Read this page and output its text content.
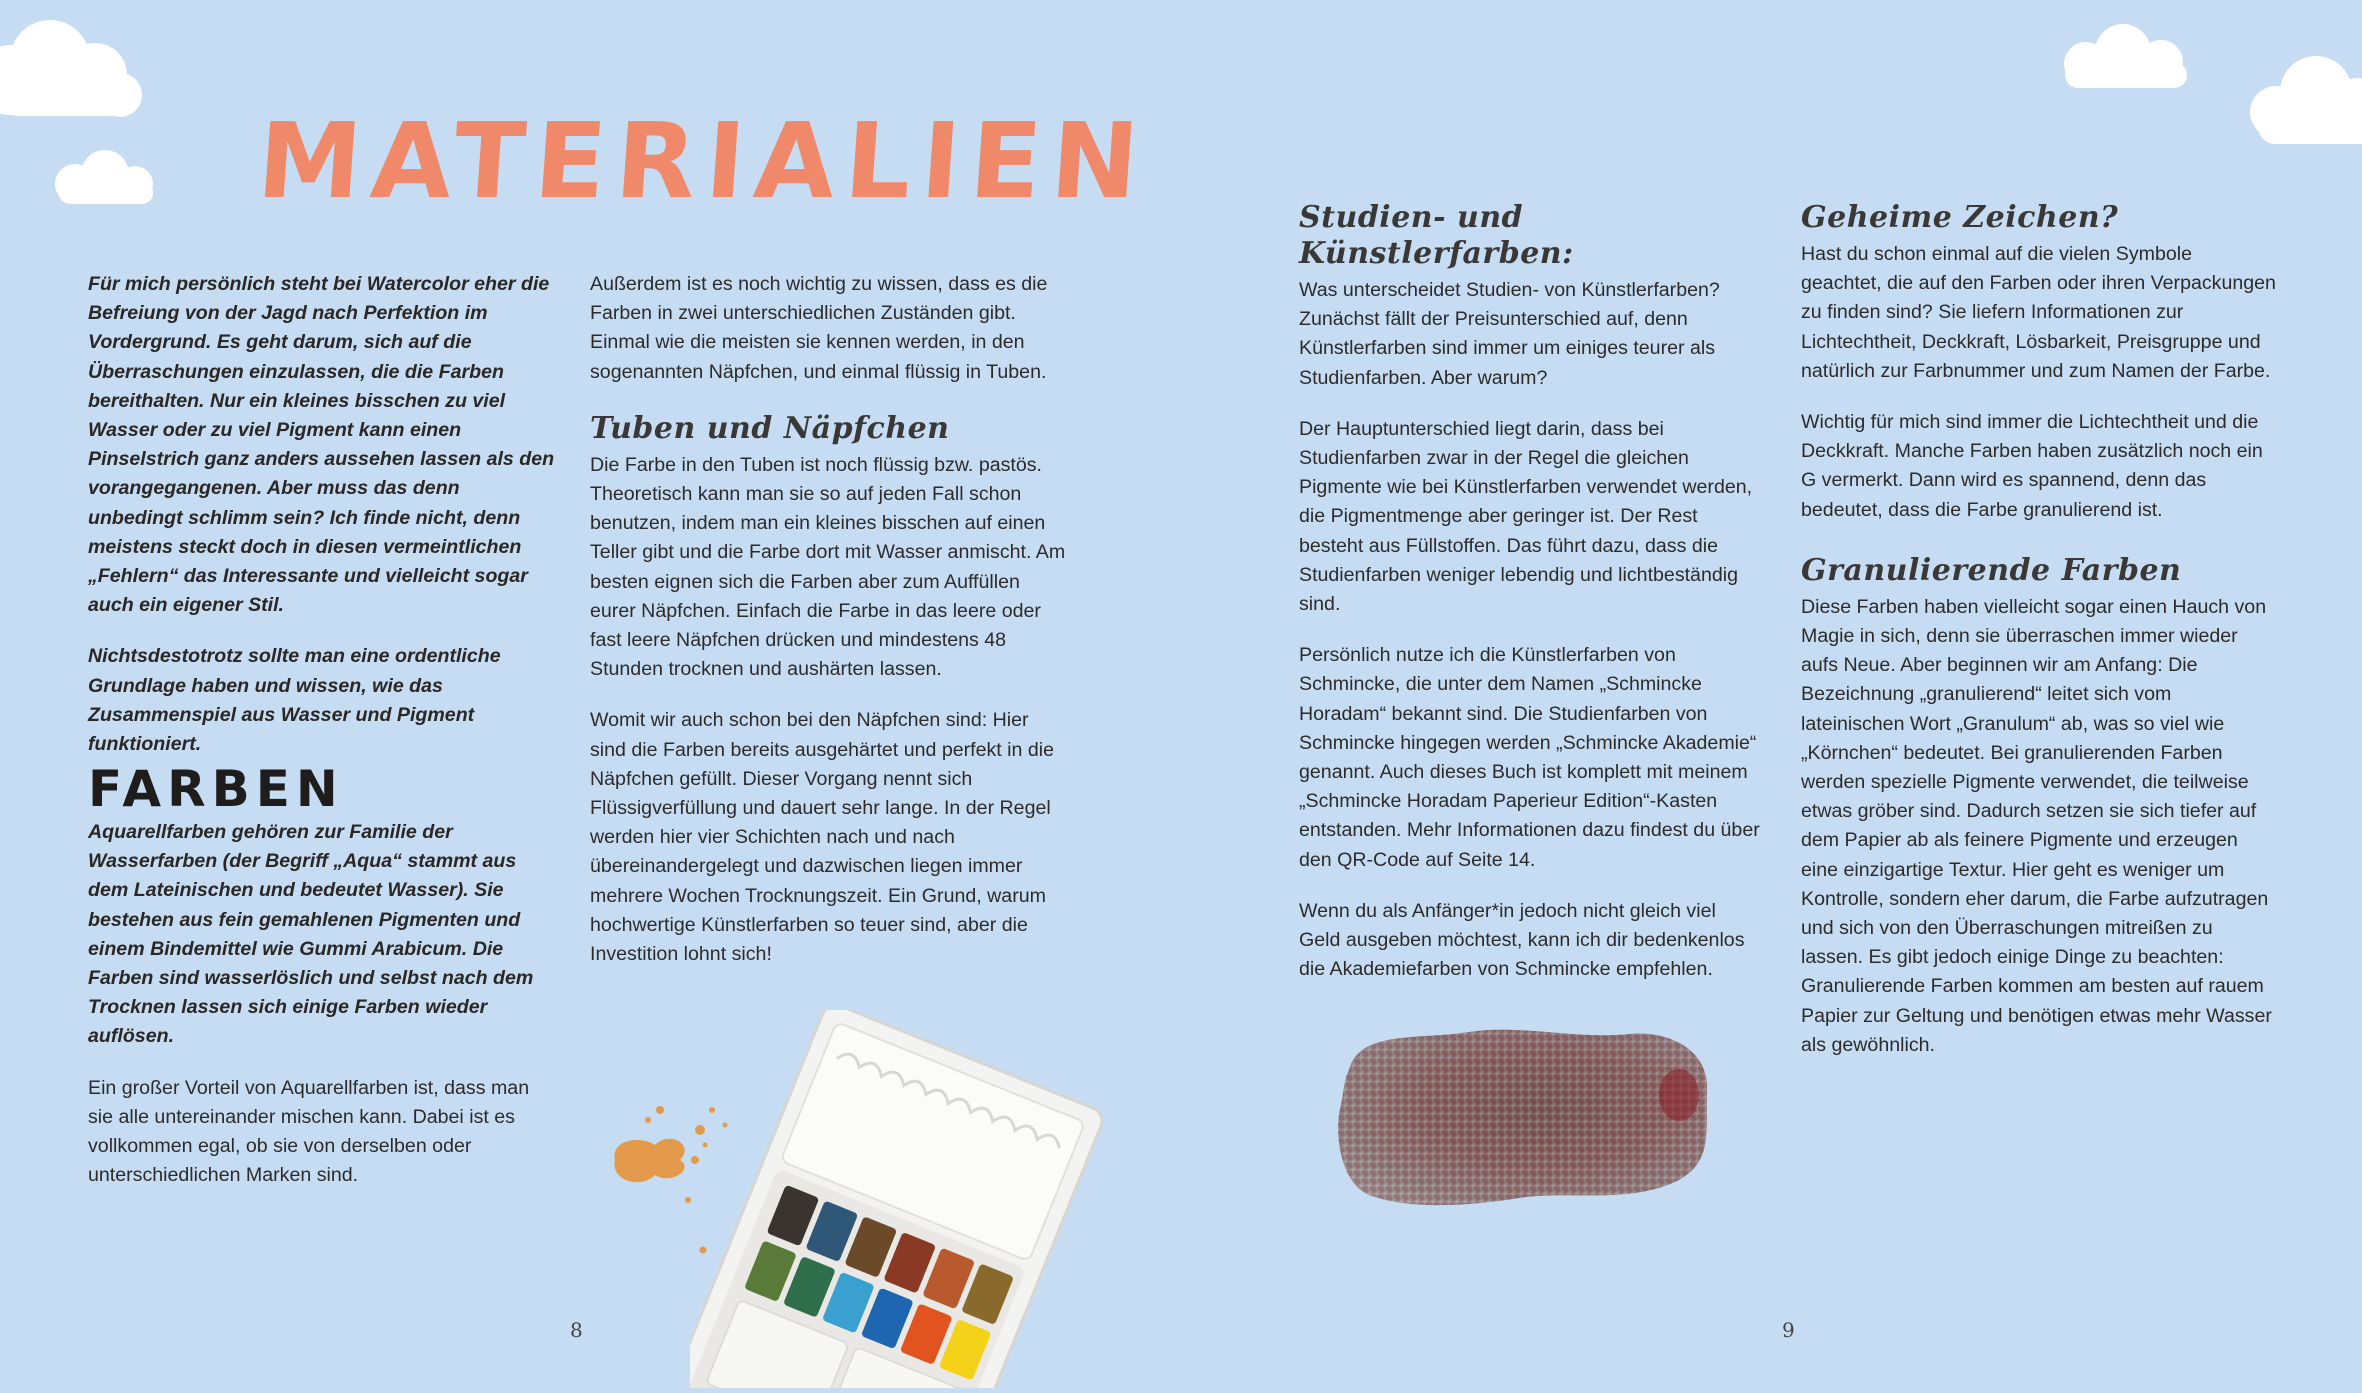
MATERIALIEN

Für mich persönlich steht bei Watercolor eher die Befreiung von der Jagd nach Perfektion im Vordergrund. Es geht darum, sich auf die Überraschungen einzulassen, die die Farben bereithalten. Nur ein kleines bisschen zu viel Wasser oder zu viel Pigment kann einen Pinselstrich ganz anders aussehen lassen als den vorangegangenen. Aber muss das denn unbedingt schlimm sein? Ich finde nicht, denn meistens steckt doch in diesen vermeintlichen „Fehlern“ das Interessante und vielleicht sogar auch ein eigener Stil.

Nichtsdestotrotz sollte man eine ordentliche Grundlage haben und wissen, wie das Zusammenspiel aus Wasser und Pigment funktioniert.

FARBEN

Aquarellfarben gehören zur Familie der Wasserfarben (der Begriff „Aqua“ stammt aus dem Lateinischen und bedeutet Wasser). Sie bestehen aus fein gemahlenen Pigmenten und einem Bindemittel wie Gummi Arabicum. Die Farben sind wasserlöslich und selbst nach dem Trocknen lassen sich einige Farben wieder auflösen.

Ein großer Vorteil von Aquarellfarben ist, dass man sie alle untereinander mischen kann. Dabei ist es vollkommen egal, ob sie von derselben oder unterschiedlichen Marken sind.

Außerdem ist es noch wichtig zu wissen, dass es die Farben in zwei unterschiedlichen Zuständen gibt. Einmal wie die meisten sie kennen werden, in den sogenannten Näpfchen, und einmal flüssig in Tuben.

Tuben und Näpfchen

Die Farbe in den Tuben ist noch flüssig bzw. pastös. Theoretisch kann man sie so auf jeden Fall schon benutzen, indem man ein kleines bisschen auf einen Teller gibt und die Farbe dort mit Wasser anmischt. Am besten eignen sich die Farben aber zum Auffüllen eurer Näpfchen. Einfach die Farbe in das leere oder fast leere Näpfchen drücken und mindestens 48 Stunden trocknen und aushärten lassen.

Womit wir auch schon bei den Näpfchen sind: Hier sind die Farben bereits ausgehärtet und perfekt in die Näpfchen gefüllt. Dieser Vorgang nennt sich Flüssigverfüllung und dauert sehr lange. In der Regel werden hier vier Schichten nach und nach übereinandergelegt und dazwischen liegen immer mehrere Wochen Trocknungszeit. Ein Grund, warum hochwertige Künstlerfarben so teuer sind, aber die Investition lohnt sich!

8
Studien- und Künstlerfarben:

Was unterscheidet Studien- von Künstlerfarben? Zunächst fällt der Preisunterschied auf, denn Künstlerfarben sind immer um einiges teurer als Studienfarben. Aber warum?

Der Hauptunterschied liegt darin, dass bei Studienfarben zwar in der Regel die gleichen Pigmente wie bei Künstlerfarben verwendet werden, die Pigmentmenge aber geringer ist. Der Rest besteht aus Füllstoffen. Das führt dazu, dass die Studienfarben weniger lebendig und lichtbeständig sind.

Persönlich nutze ich die Künstlerfarben von Schmincke, die unter dem Namen „Schmincke Horadam“ bekannt sind. Die Studienfarben von Schmincke hingegen werden „Schmincke Akademie“ genannt. Auch dieses Buch ist komplett mit meinem „Schmincke Horadam Paperieur Edition“-Kasten entstanden. Mehr Informationen dazu findest du über den QR-Code auf Seite 14.

Wenn du als Anfänger*in jedoch nicht gleich viel Geld ausgeben möchtest, kann ich dir bedenkenlos die Akademiefarben von Schmincke empfehlen.

Geheime Zeichen?

Hast du schon einmal auf die vielen Symbole geachtet, die auf den Farben oder ihren Verpackungen zu finden sind? Sie liefern Informationen zur Lichtechtheit, Deckkraft, Lösbarkeit, Preisgruppe und natürlich zur Farbnummer und zum Namen der Farbe.

Wichtig für mich sind immer die Lichtechtheit und die Deckkraft. Manche Farben haben zusätzlich noch ein G vermerkt. Dann wird es spannend, denn das bedeutet, dass die Farbe granulierend ist.

Granulierende Farben

Diese Farben haben vielleicht sogar einen Hauch von Magie in sich, denn sie überraschen immer wieder aufs Neue. Aber beginnen wir am Anfang: Die Bezeichnung „granulierend“ leitet sich vom lateinischen Wort „Granulum“ ab, was so viel wie „Körnchen“ bedeutet. Bei granulierenden Farben werden spezielle Pigmente verwendet, die teilweise etwas gröber sind. Dadurch setzen sie sich tiefer auf dem Papier ab als feinere Pigmente und erzeugen eine einzigartige Textur. Hier geht es weniger um Kontrolle, sondern eher darum, die Farbe aufzutragen und sich von den Überraschungen mitreißen zu lassen. Es gibt jedoch einige Dinge zu beachten: Granulierende Farben kommen am besten auf rauem Papier zur Geltung und benötigen etwas mehr Wasser als gewöhnlich.

9
